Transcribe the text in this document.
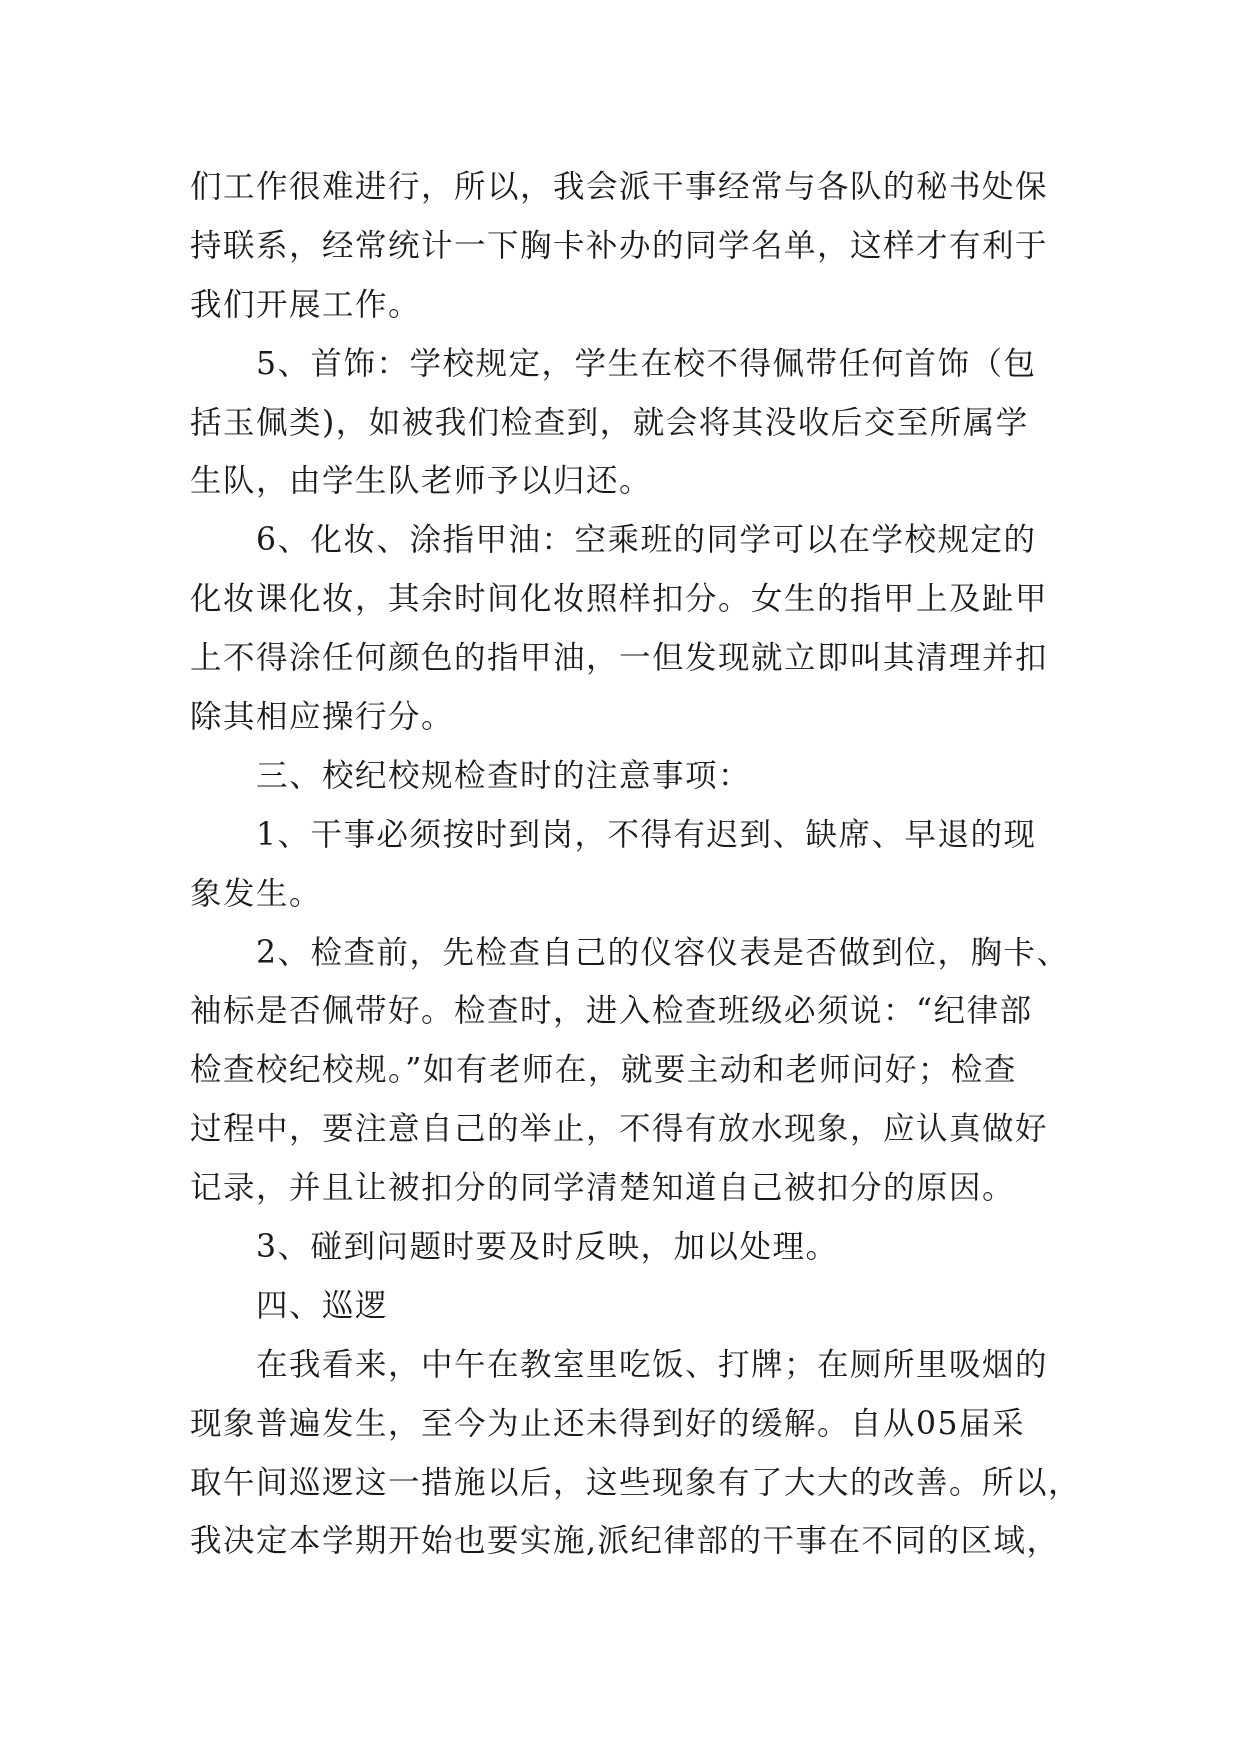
们工作很难进行，所以，我会派干事经常与各队的秘书处保
持联系，经常统计一下胸卡补办的同学名单，这样才有利于
我们开展工作。
　　5、首饰：学校规定，学生在校不得佩带任何首饰（包
括玉佩类)，如被我们检查到，就会将其没收后交至所属学
生队，由学生队老师予以归还。
　　6、化妆、涂指甲油：空乘班的同学可以在学校规定的
化妆课化妆，其余时间化妆照样扣分。女生的指甲上及趾甲
上不得涂任何颜色的指甲油，一但发现就立即叫其清理并扣
除其相应操行分。
　　三、校纪校规检查时的注意事项：
　　1、干事必须按时到岗，不得有迟到、缺席、早退的现
象发生。
　　2、检查前，先检查自己的仪容仪表是否做到位，胸卡、
袖标是否佩带好。检查时，进入检查班级必须说：“纪律部
检查校纪校规。”如有老师在，就要主动和老师问好；检查
过程中，要注意自己的举止，不得有放水现象，应认真做好
记录，并且让被扣分的同学清楚知道自己被扣分的原因。
　　3、碰到问题时要及时反映，加以处理。
　　四、巡逻
　　在我看来，中午在教室里吃饭、打牌；在厕所里吸烟的
现象普遍发生，至今为止还未得到好的缓解。自从05届采
取午间巡逻这一措施以后，这些现象有了大大的改善。所以，
我决定本学期开始也要实施,派纪律部的干事在不同的区域，
